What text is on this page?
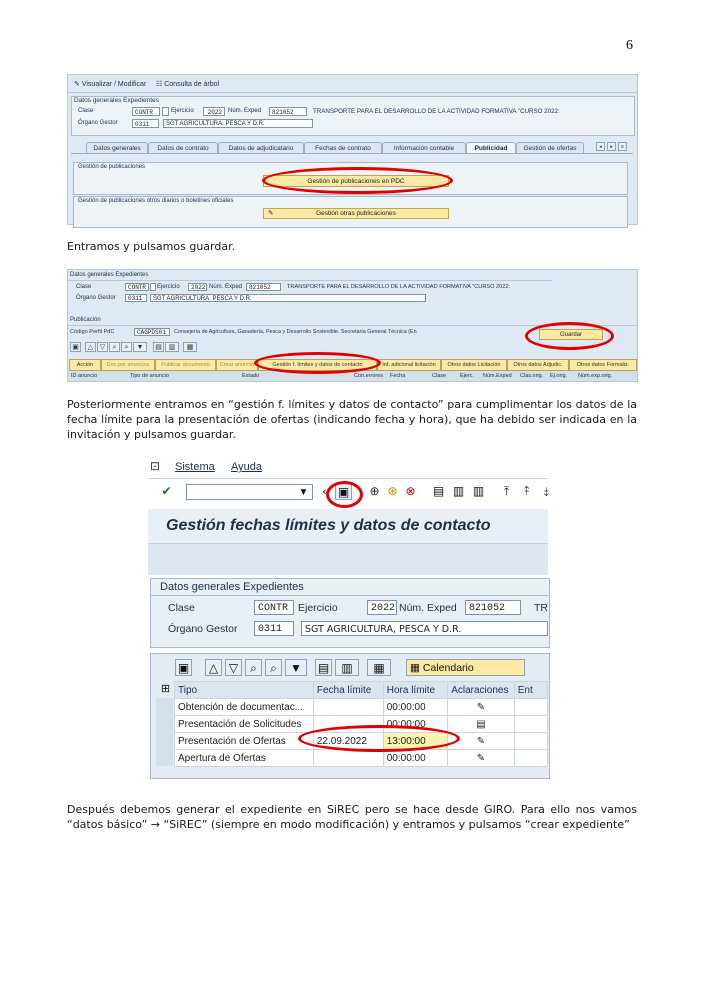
6
✎ Visualizar / Modificar ☷ Consulta de árbol
Datos generales Expedientes
Clase	CONTR	Ejercicio	2022	Núm. Exped	821052	TRANSPORTE PARA EL DESARROLLO DE LA ACTIVIDAD FORMATIVA "CURSO 2022:
Órgano Gestor	0311	SGT AGRICULTURA, PESCA Y D.R.
Datos generales	Datos de contrato	Datos de adjudicatario	Fechas de contrato	Información contable	Publicidad	Gestión de ofertas	◂	▸	≡
Gestión de publicaciones
Gestión de publicaciones en PDC
Gestión de publicaciones otros diarios o boletines oficiales
✎	Gestión otras publicaciones
Entramos y pulsamos guardar.
Datos generales Expedientes
Clase	CONTR	Ejercicio	2022 Núm. Exped	821052	TRANSPORTE PARA EL DESARROLLO DE LA ACTIVIDAD FORMATIVA "CURSO 2022:
Órgano Gestor	0311	SGT AGRICULTURA, PESCA Y D.R.
Publicación
Código Perfil PdC	CAGPDS01	Consejería de Agricultura, Ganadería, Pesca y Desarrollo Sostenible. Secretaría General Técnica (En	Guardar
▣	△ ▽	⌕	⌕	▼	▤ ▥	▦
Acción	Doc.por anuncios	Publicar documento	Crear anuncio	Gestión f. límites y datos de contacto	Inf. adicional licitación	Otros datos Licitación	Otros datos Adjudic.	Otros datos Formaliz.
ID anuncio	Tipo de anuncio	Estado	Con.errores Fecha	Clase	Ejerc. Núm.Exped Clas.orig. Ej.orig. Núm.exp.orig.
Posteriormente entramos en “gestión f. límites y datos de contacto” para cumplimentar los datos de la fecha límite para la presentación de ofertas (indicando fecha y hora), que ha debido ser indicada en la invitación y pulsamos guardar.
⊡ Sistema Ayuda
✔	▼	‹ ▣ ⊕ ⊛ ⊗ ▤ ▥ ▥	⤒	⤉	⤈
Gestión fechas límites y datos de contacto
Datos generales Expedientes
Clase	CONTR Ejercicio	2022 Núm. Exped	821052	TR
Órgano Gestor	0311	SGT AGRICULTURA, PESCA Y D.R.
▣	△ ▽	⌕	⌕	▼	▤	▥	▦	▦ Calendario
⊞ Tipo	Fecha límite	Hora límite	Aclaraciones	Ent
Obtención de documentac...		00:00:00	✎	
Presentación de Solicitudes		00:00:00	▤	
Presentación de Ofertas	22.09.2022	13:00:00	✎	
Apertura de Ofertas		00:00:00	✎	
Después debemos generar el expediente en SiREC pero se hace desde GIRO. Para ello nos vamos “datos básico” → “SiREC” (siempre en modo modificación) y entramos y pulsamos “crear expediente”
